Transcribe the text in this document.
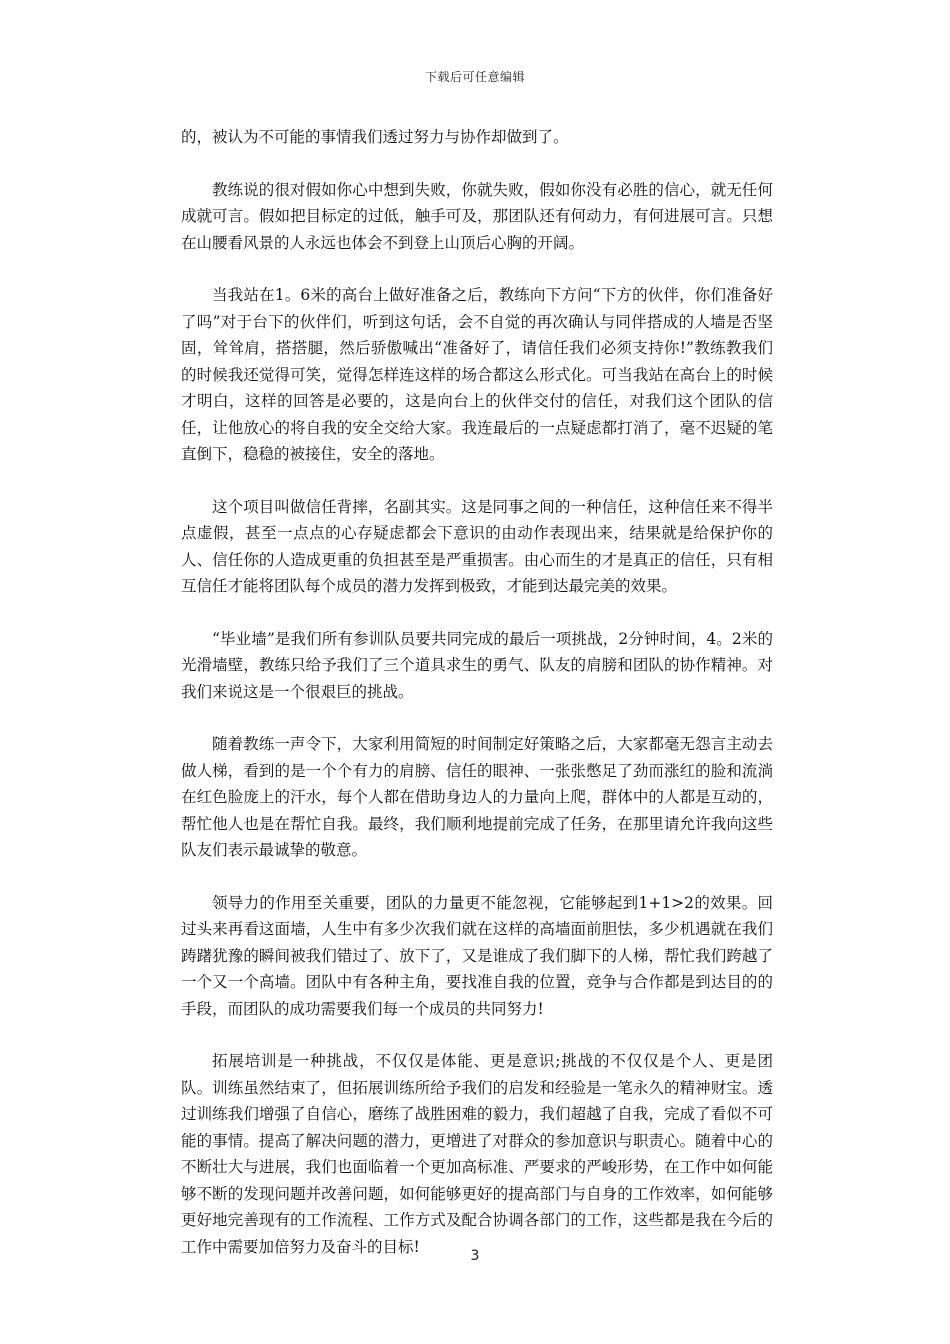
下载后可任意编辑

的，被认为不可能的事情我们透过努力与协作却做到了。

教练说的很对假如你心中想到失败，你就失败，假如你没有必胜的信心，就无任何成就可言。假如把目标定的过低，触手可及，那团队还有何动力，有何进展可言。只想在山腰看风景的人永远也体会不到登上山顶后心胸的开阔。

当我站在1。6米的高台上做好准备之后，教练向下方问“下方的伙伴，你们准备好了吗”对于台下的伙伴们，听到这句话，会不自觉的再次确认与同伴搭成的人墙是否坚固，耸耸肩，搭搭腿，然后骄傲喊出“准备好了，请信任我们必须支持你!”教练教我们的时候我还觉得可笑，觉得怎样连这样的场合都这么形式化。可当我站在高台上的时候才明白，这样的回答是必要的，这是向台上的伙伴交付的信任，对我们这个团队的信任，让他放心的将自我的安全交给大家。我连最后的一点疑虑都打消了，毫不迟疑的笔直倒下，稳稳的被接住，安全的落地。

这个项目叫做信任背摔，名副其实。这是同事之间的一种信任，这种信任来不得半点虚假，甚至一点点的心存疑虑都会下意识的由动作表现出来，结果就是给保护你的人、信任你的人造成更重的负担甚至是严重损害。由心而生的才是真正的信任，只有相互信任才能将团队每个成员的潜力发挥到极致，才能到达最完美的效果。

“毕业墙”是我们所有参训队员要共同完成的最后一项挑战，2分钟时间，4。2米的光滑墙壁，教练只给予我们了三个道具求生的勇气、队友的肩膀和团队的协作精神。对我们来说这是一个很艰巨的挑战。

随着教练一声令下，大家利用简短的时间制定好策略之后，大家都毫无怨言主动去做人梯，看到的是一个个有力的肩膀、信任的眼神、一张张憋足了劲而涨红的脸和流淌在红色脸庞上的汗水，每个人都在借助身边人的力量向上爬，群体中的人都是互动的，帮忙他人也是在帮忙自我。最终，我们顺利地提前完成了任务，在那里请允许我向这些队友们表示最诚挚的敬意。

领导力的作用至关重要，团队的力量更不能忽视，它能够起到1+1>2的效果。回过头来再看这面墙，人生中有多少次我们就在这样的高墙面前胆怯，多少机遇就在我们踌躇犹豫的瞬间被我们错过了、放下了，又是谁成了我们脚下的人梯，帮忙我们跨越了一个又一个高墙。团队中有各种主角，要找准自我的位置，竞争与合作都是到达目的的手段，而团队的成功需要我们每一个成员的共同努力!

拓展培训是一种挑战，不仅仅是体能、更是意识;挑战的不仅仅是个人、更是团队。训练虽然结束了，但拓展训练所给予我们的启发和经验是一笔永久的精神财宝。透过训练我们增强了自信心，磨练了战胜困难的毅力，我们超越了自我，完成了看似不可能的事情。提高了解决问题的潜力，更增进了对群众的参加意识与职责心。随着中心的不断壮大与进展，我们也面临着一个更加高标准、严要求的严峻形势，在工作中如何能够不断的发现问题并改善问题，如何能够更好的提高部门与自身的工作效率，如何能够更好地完善现有的工作流程、工作方式及配合协调各部门的工作，这些都是我在今后的工作中需要加倍努力及奋斗的目标!

3
